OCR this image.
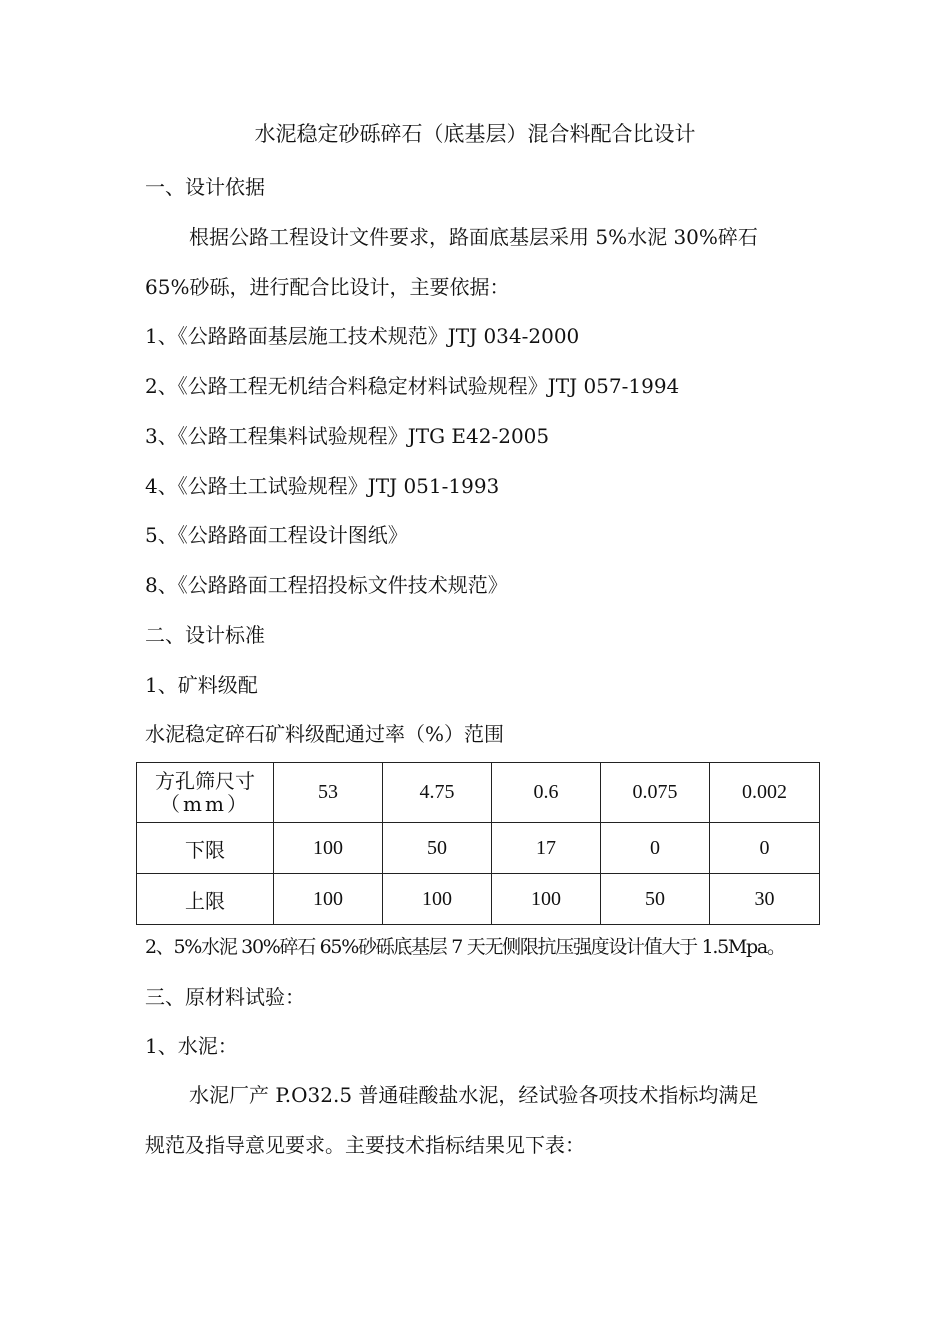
水泥稳定砂砾碎石（底基层）混合料配合比设计
一、设计依据
根据公路工程设计文件要求，路面底基层采用 5%水泥 30%碎石
65%砂砾，进行配合比设计，主要依据：
1、《公路路面基层施工技术规范》JTJ 034-2000
2、《公路工程无机结合料稳定材料试验规程》JTJ 057-1994
3、《公路工程集料试验规程》JTG E42-2005
4、《公路土工试验规程》JTJ 051-1993
5、《公路路面工程设计图纸》
8、《公路路面工程招投标文件技术规范》
二、设计标准
1、矿料级配
水泥稳定碎石矿料级配通过率（%）范围
方孔筛尺寸
（mm）	53	4.75	0.6	0.075	0.002
下限	100	50	17	0	0
上限	100	100	100	50	30
2、5%水泥 30%碎石 65%砂砾底基层 7 天无侧限抗压强度设计值大于 1.5Mpa。
三、原材料试验：
1、水泥：
水泥厂产 P.O32.5 普通硅酸盐水泥，经试验各项技术指标均满足
规范及指导意见要求。主要技术指标结果见下表：
